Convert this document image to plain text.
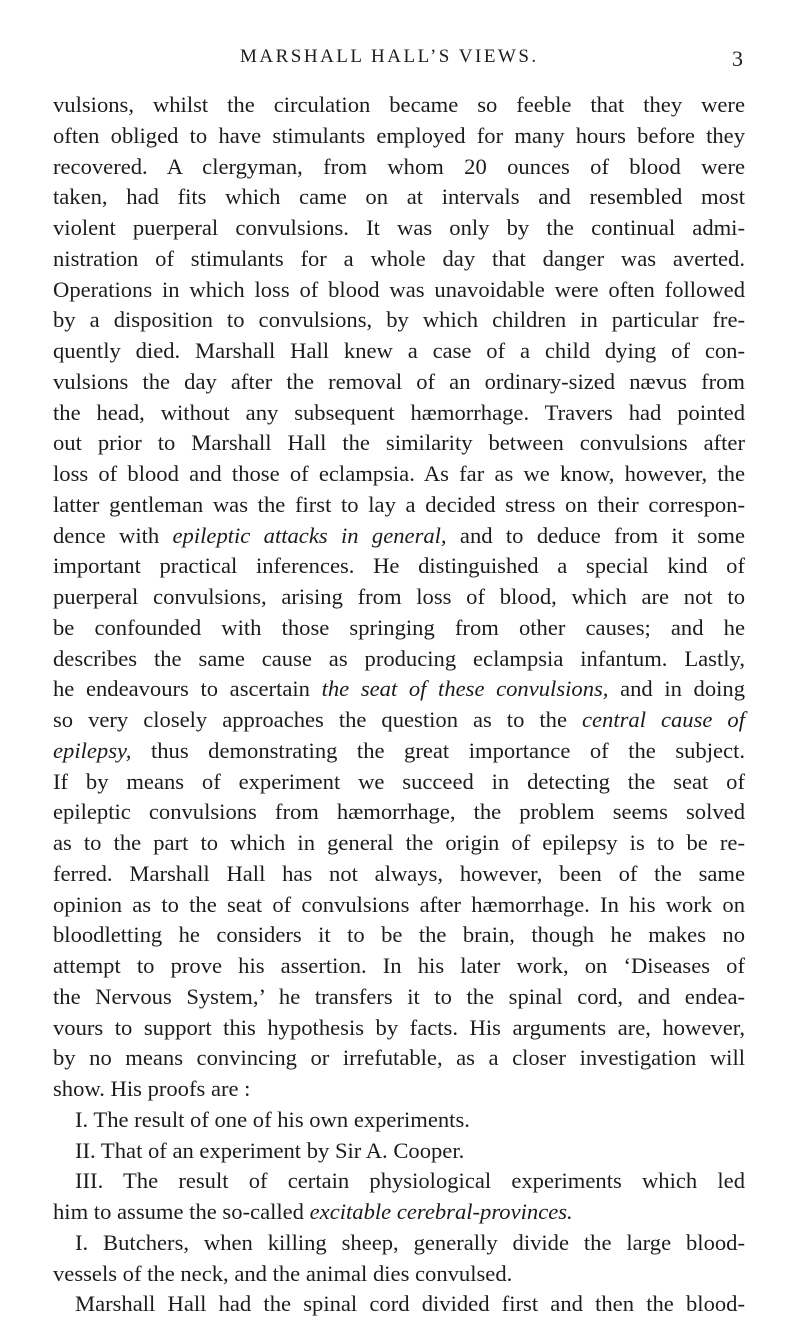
MARSHALL HALL’S VIEWS.	3
vulsions, whilst the circulation became so feeble that they were
often obliged to have stimulants employed for many hours before they
recovered. A clergyman, from whom 20 ounces of blood were
taken, had fits which came on at intervals and resembled most
violent puerperal convulsions. It was only by the continual admi-
nistration of stimulants for a whole day that danger was averted.
Operations in which loss of blood was unavoidable were often followed
by a disposition to convulsions, by which children in particular fre-
quently died. Marshall Hall knew a case of a child dying of con-
vulsions the day after the removal of an ordinary-sized nævus from
the head, without any subsequent hæmorrhage. Travers had pointed
out prior to Marshall Hall the similarity between convulsions after
loss of blood and those of eclampsia. As far as we know, however, the
latter gentleman was the first to lay a decided stress on their correspon-
dence with epileptic attacks in general, and to deduce from it some
important practical inferences. He distinguished a special kind of
puerperal convulsions, arising from loss of blood, which are not to
be confounded with those springing from other causes; and he
describes the same cause as producing eclampsia infantum. Lastly,
he endeavours to ascertain the seat of these convulsions, and in doing
so very closely approaches the question as to the central cause of
epilepsy, thus demonstrating the great importance of the subject.
If by means of experiment we succeed in detecting the seat of
epileptic convulsions from hæmorrhage, the problem seems solved
as to the part to which in general the origin of epilepsy is to be re-
ferred. Marshall Hall has not always, however, been of the same
opinion as to the seat of convulsions after hæmorrhage. In his work on
bloodletting he considers it to be the brain, though he makes no
attempt to prove his assertion. In his later work, on ‘Diseases of
the Nervous System,’ he transfers it to the spinal cord, and endea-
vours to support this hypothesis by facts. His arguments are, however,
by no means convincing or irrefutable, as a closer investigation will
show. His proofs are :
I. The result of one of his own experiments.
II. That of an experiment by Sir A. Cooper.
III. The result of certain physiological experiments which led
him to assume the so-called excitable cerebral-provinces.
I. Butchers, when killing sheep, generally divide the large blood-
vessels of the neck, and the animal dies convulsed.
Marshall Hall had the spinal cord divided first and then the blood-
